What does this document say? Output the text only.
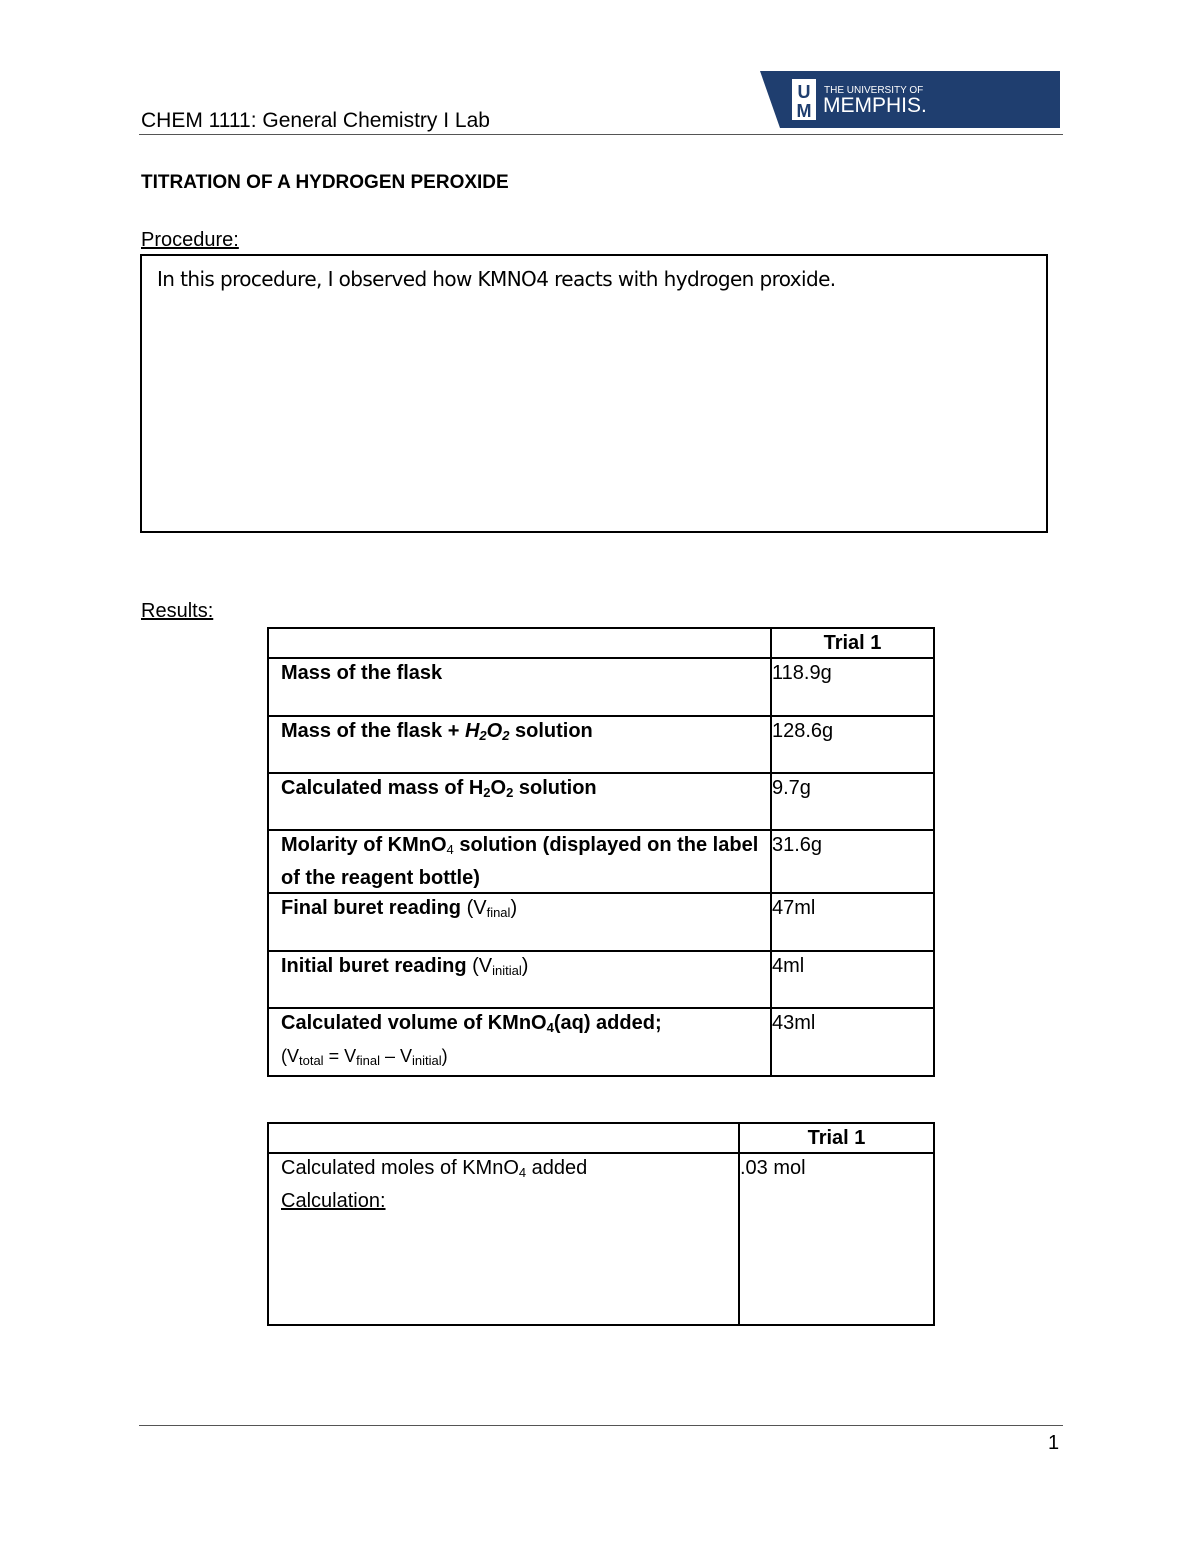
CHEM 1111: General Chemistry I Lab
U
M
THE UNIVERSITY OF
MEMPHIS.
TITRATION OF A HYDROGEN PEROXIDE
Procedure:
In this procedure, I observed how KMNO4 reacts with hydrogen proxide.
Results:
	Trial 1
Mass of the flask	118.9g
Mass of the flask + H2O2 solution	128.6g
Calculated mass of H2O2 solution	9.7g
Molarity of KMnO$_4$ solution (displayed on the label of the reagent bottle)	31.6g
Final buret reading $(V_{final})$	47ml
Initial buret reading $(V_{initial})$	4ml
Calculated volume of KMnO4(aq) added;
$(V_{total} = V_{final} - V_{initial})$	43ml
	Trial 1
Calculated moles of KMnO$_4$ added
Calculation:	.03 mol
1
